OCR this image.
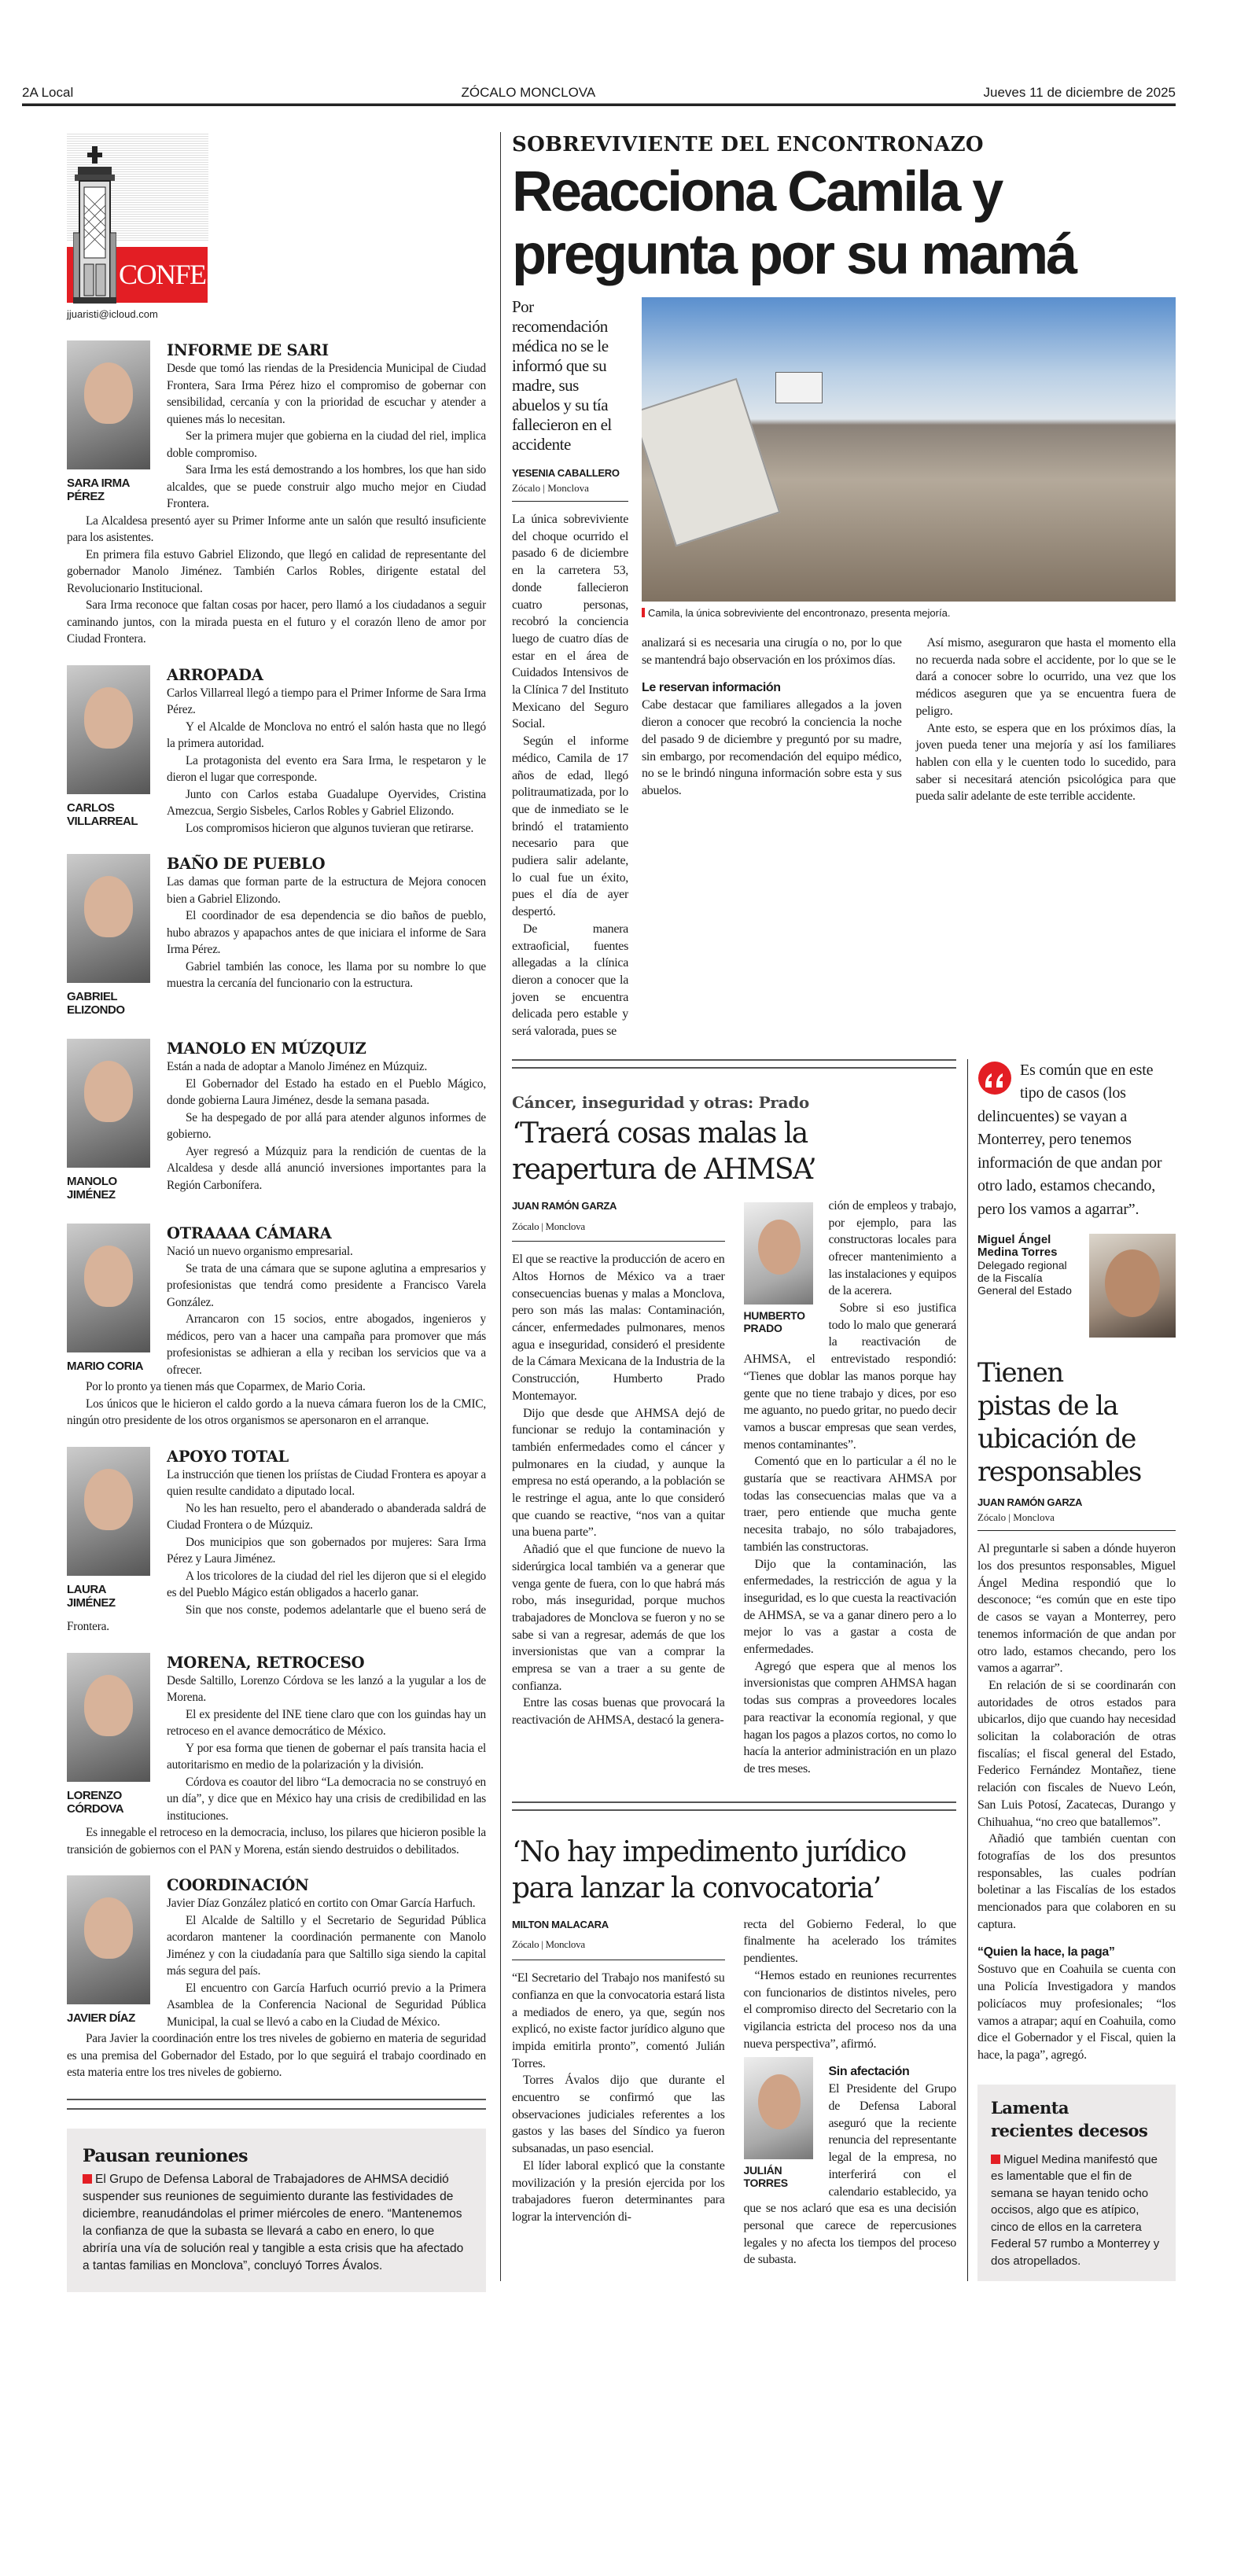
2A Local	ZÓCALO MONCLOVA	Jueves 11 de diciembre de 2025
CONFESIONARIO
jjuaristi@icloud.com
SARA IRMA PÉREZ
INFORME DE SARI

Desde que tomó las riendas de la Presidencia Municipal de Ciudad Frontera, Sara Irma Pérez hizo el compromiso de gobernar con sensibilidad, cercanía y con la prioridad de escuchar y atender a quienes más lo necesitan.

Ser la primera mujer que gobierna en la ciudad del riel, implica doble compromiso.

Sara Irma les está demostrando a los hombres, los que han sido alcaldes, que se puede construir algo mucho mejor en Ciudad Frontera.

La Alcaldesa presentó ayer su Primer Informe ante un salón que resultó insuficiente para los asistentes.

En primera fila estuvo Gabriel Elizondo, que llegó en calidad de representante del gobernador Manolo Jiménez. También Carlos Robles, dirigente estatal del Revolucionario Institucional.

Sara Irma reconoce que faltan cosas por hacer, pero llamó a los ciudadanos a seguir caminando juntos, con la mirada puesta en el futuro y el corazón lleno de amor por Ciudad Frontera.

CARLOS VILLARREAL
ARROPADA

Carlos Villarreal llegó a tiempo para el Primer Informe de Sara Irma Pérez.

Y el Alcalde de Monclova no entró el salón hasta que no llegó la primera autoridad.

La protagonista del evento era Sara Irma, le respetaron y le dieron el lugar que corresponde.

Junto con Carlos estaba Guadalupe Oyervides, Cristina Amezcua, Sergio Sisbeles, Carlos Robles y Gabriel Elizondo.

Los compromisos hicieron que algunos tuvieran que retirarse.

GABRIEL ELIZONDO
BAÑO DE PUEBLO

Las damas que forman parte de la estructura de Mejora conocen bien a Gabriel Elizondo.

El coordinador de esa dependencia se dio baños de pueblo, hubo abrazos y apapachos antes de que iniciara el informe de Sara Irma Pérez.

Gabriel también las conoce, les llama por su nombre lo que muestra la cercanía del funcionario con la estructura.

MANOLO JIMÉNEZ
MANOLO EN MÚZQUIZ

Están a nada de adoptar a Manolo Jiménez en Múzquiz.

El Gobernador del Estado ha estado en el Pueblo Mágico, donde gobierna Laura Jiménez, desde la semana pasada.

Se ha despegado de por allá para atender algunos informes de gobierno.

Ayer regresó a Múzquiz para la rendición de cuentas de la Alcaldesa y desde allá anunció inversiones importantes para la Región Carbonífera.

MARIO CORIA
OTRAAAA CÁMARA

Nació un nuevo organismo empresarial.

Se trata de una cámara que se supone aglutina a empresarios y profesionistas que tendrá como presidente a Francisco Varela González.

Arrancaron con 15 socios, entre abogados, ingenieros y médicos, pero van a hacer una campaña para promover que más profesionistas se adhieran a ella y reciban los servicios que va a ofrecer.

Por lo pronto ya tienen más que Coparmex, de Mario Coria.

Los únicos que le hicieron el caldo gordo a la nueva cámara fueron los de la CMIC, ningún otro presidente de los otros organismos se apersonaron en el arranque.

LAURA JIMÉNEZ
APOYO TOTAL

La instrucción que tienen los priístas de Ciudad Frontera es apoyar a quien resulte candidato a diputado local.

No les han resuelto, pero el abanderado o abanderada saldrá de Ciudad Frontera o de Múzquiz.

Dos municipios que son gobernados por mujeres: Sara Irma Pérez y Laura Jiménez.

A los tricolores de la ciudad del riel les dijeron que si el elegido es del Pueblo Mágico están obligados a hacerlo ganar.

Sin que nos conste, podemos adelantarle que el bueno será de Frontera.

LORENZO CÓRDOVA
MORENA, RETROCESO

Desde Saltillo, Lorenzo Córdova se les lanzó a la yugular a los de Morena.

El ex presidente del INE tiene claro que con los guindas hay un retroceso en el avance democrático de México.

Y por esa forma que tienen de gobernar el país transita hacia el autoritarismo en medio de la polarización y la división.

Córdova es coautor del libro “La democracia no se construyó en un día”, y dice que en México hay una crisis de credibilidad en las instituciones.

Es innegable el retroceso en la democracia, incluso, los pilares que hicieron posible la transición de gobiernos con el PAN y Morena, están siendo destruidos o debilitados.

JAVIER DÍAZ
COORDINACIÓN

Javier Díaz González platicó en cortito con Omar García Harfuch.

El Alcalde de Saltillo y el Secretario de Seguridad Pública acordaron mantener la coordinación permanente con Manolo Jiménez y con la ciudadanía para que Saltillo siga siendo la capital más segura del país.

El encuentro con García Harfuch ocurrió previo a la Primera Asamblea de la Conferencia Nacional de Seguridad Pública Municipal, la cual se llevó a cabo en la Ciudad de México.

Para Javier la coordinación entre los tres niveles de gobierno en materia de seguridad es una premisa del Gobernador del Estado, por lo que seguirá el trabajo coordinado en esta materia entre los tres niveles de gobierno.

Pausan reuniones

El Grupo de Defensa Laboral de Trabajadores de AHMSA decidió suspender sus reuniones de seguimiento durante las festividades de diciembre, reanudándolas el primer miércoles de enero. “Mantenemos la confianza de que la subasta se llevará a cabo en enero, lo que abriría una vía de solución real y tangible a esta crisis que ha afectado a tantas familias en Monclova”, concluyó Torres Ávalos.

SOBREVIVIENTE DEL ENCONTRONAZO
Reacciona Camila y
pregunta por su mamá
Por recomendación médica no se le informó que su madre, sus abuelos y su tía fallecieron en el accidente
YESENIA CABALLERO
Zócalo | Monclova

La única sobreviviente del choque ocurrido el pasado 6 de diciembre en la carretera 53, donde fallecieron cuatro personas, recobró la conciencia luego de cuatro días de estar en el área de Cuidados Intensivos de la Clínica 7 del Instituto Mexicano del Seguro Social.

Según el informe médico, Camila de 17 años de edad, llegó politraumatizada, por lo que de inmediato se le brindó el tratamiento necesario para que pudiera salir adelante, lo cual fue un éxito, pues el día de ayer despertó.

De manera extraoficial, fuentes allegadas a la clínica dieron a conocer que la joven se encuentra delicada pero estable y será valorada, pues se

Camila, la única sobreviviente del encontronazo, presenta mejoría.

analizará si es necesaria una cirugía o no, por lo que se mantendrá bajo observación en los próximos días.

Le reservan información

Cabe destacar que familiares allegados a la joven dieron a conocer que recobró la conciencia la noche del pasado 9 de diciembre y preguntó por su madre, sin embargo, por recomendación del equipo médico, no se le brindó ninguna información sobre esta y sus abuelos.

Así mismo, aseguraron que hasta el momento ella no recuerda nada sobre el accidente, por lo que se le dará a conocer sobre lo ocurrido, una vez que los médicos aseguren que ya se encuentra fuera de peligro.

Ante esto, se espera que en los próximos días, la joven pueda tener una mejoría y así los familiares hablen con ella y le cuenten todo lo sucedido, para saber si necesitará atención psicológica para que pueda salir adelante de este terrible accidente.

Cáncer, inseguridad y otras: Prado
‘Traerá cosas malas la
reapertura de AHMSA’
JUAN RAMÓN GARZA
Zócalo | Monclova

El que se reactive la producción de acero en Altos Hornos de México va a traer consecuencias buenas y malas a Monclova, pero son más las malas: Contaminación, cáncer, enfermedades pulmonares, menos agua e inseguridad, consideró el presidente de la Cámara Mexicana de la Industria de la Construcción, Humberto Prado Montemayor.

Dijo que desde que AHMSA dejó de funcionar se redujo la contaminación y también enfermedades como el cáncer y pulmonares en la ciudad, y aunque la empresa no está operando, a la población se le restringe el agua, ante lo que consideró que cuando se reactive, “nos van a quitar una buena parte”.

Añadió que el que funcione de nuevo la siderúrgica local también va a generar que venga gente de fuera, con lo que habrá más robo, más inseguridad, porque muchos trabajadores de Monclova se fueron y no se sabe si van a regresar, además de que los inversionistas que van a comprar la empresa se van a traer a su gente de confianza.

Entre las cosas buenas que provocará la reactivación de AHMSA, destacó la genera-

HUMBERTO PRADO

ción de empleos y trabajo, por ejemplo, para las constructoras locales para ofrecer mantenimiento a las instalaciones y equipos de la acerera.

Sobre si eso justifica todo lo malo que generará la reactivación de AHMSA, el entrevistado respondió: “Tienes que doblar las manos porque hay gente que no tiene trabajo y dices, por eso me aguanto, no puedo gritar, no puedo decir vamos a buscar empresas que sean verdes, menos contaminantes”.

Comentó que en lo particular a él no le gustaría que se reactivara AHMSA por todas las consecuencias malas que va a traer, pero entiende que mucha gente necesita trabajo, no sólo trabajadores, también las constructoras.

Dijo que la contaminación, las enfermedades, la restricción de agua y la inseguridad, es lo que cuesta la reactivación de AHMSA, se va a ganar dinero pero a lo mejor lo vas a gastar a costa de enfermedades.

Agregó que espera que al menos los inversionistas que compren AHMSA hagan todas sus compras a proveedores locales para reactivar la economía regional, y que hagan los pagos a plazos cortos, no como lo hacía la anterior administración en un plazo de tres meses.

‘No hay impedimento jurídico
para lanzar la convocatoria’
MILTON MALACARA
Zócalo | Monclova

“El Secretario del Trabajo nos manifestó su confianza en que la convocatoria estará lista a mediados de enero, ya que, según nos explicó, no existe factor jurídico alguno que impida emitirla pronto”, comentó Julián Torres.

Torres Ávalos dijo que durante el encuentro se confirmó que las observaciones judiciales referentes a los gastos y las bases del Síndico ya fueron subsanadas, un paso esencial.

El líder laboral explicó que la constante movilización y la presión ejercida por los trabajadores fueron determinantes para lograr la intervención di-

recta del Gobierno Federal, lo que finalmente ha acelerado los trámites pendientes.

“Hemos estado en reuniones recurrentes con funcionarios de distintos niveles, pero el compromiso directo del Secretario con la vigilancia estricta del proceso nos da una nueva perspectiva”, afirmó.

JULIÁN TORRES
Sin afectación

El Presidente del Grupo de Defensa Laboral aseguró que la reciente renuncia del representante legal de la empresa, no interferirá con el calendario establecido, ya que se nos aclaró que esa es una decisión personal que carece de repercusiones legales y no afecta los tiempos del proceso de subasta.

Es común que en este tipo de casos (los delincuentes) se vayan a Monterrey, pero tenemos información de que andan por otro lado, estamos checando, pero los vamos a agarrar”.
Miguel Ángel Medina Torres
Delegado regional de la Fiscalía General del Estado
Tienen
pistas de la
ubicación de
responsables
JUAN RAMÓN GARZA
Zócalo | Monclova

Al preguntarle si saben a dónde huyeron los dos presuntos responsables, Miguel Ángel Medina respondió que lo desconoce; “es común que en este tipo de casos se vayan a Monterrey, pero tenemos información de que andan por otro lado, estamos checando, pero los vamos a agarrar”.

En relación de si se coordinarán con autoridades de otros estados para ubicarlos, dijo que cuando hay necesidad solicitan la colaboración de otras fiscalías; el fiscal general del Estado, Federico Fernández Montañez, tiene relación con fiscales de Nuevo León, San Luis Potosí, Zacatecas, Durango y Chihuahua, “no creo que batallemos”.

Añadió que también cuentan con fotografías de los dos presuntos responsables, las cuales podrían boletinar a las Fiscalías de los estados mencionados para que colaboren en su captura.

“Quien la hace, la paga”

Sostuvo que en Coahuila se cuenta con una Policía Investigadora y mandos policíacos muy profesionales; “los vamos a atrapar; aquí en Coahuila, como dice el Gobernador y el Fiscal, quien la hace, la paga”, agregó.

Lamenta
recientes decesos

Miguel Medina manifestó que es lamentable que el fin de semana se hayan tenido ocho occisos, algo que es atípico, cinco de ellos en la carretera Federal 57 rumbo a Monterrey y dos atropellados.
